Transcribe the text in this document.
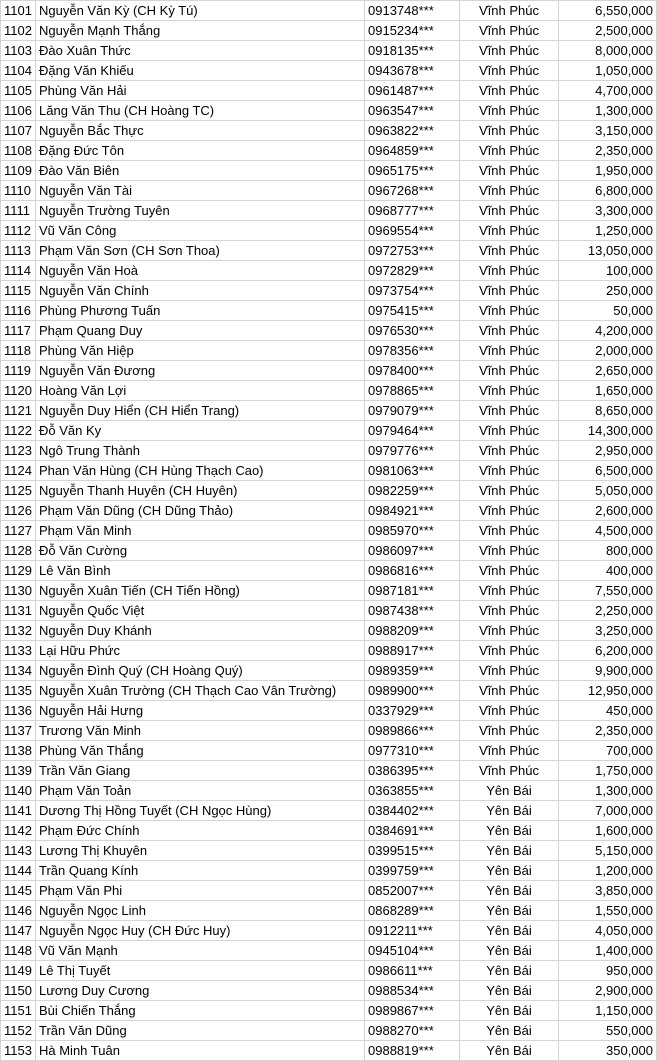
1101	Nguyễn Văn Kỳ (CH Kỳ Tú)	0913748***	Vĩnh Phúc	6,550,000
1102	Nguyễn Mạnh Thắng	0915234***	Vĩnh Phúc	2,500,000
1103	Đào Xuân Thức	0918135***	Vĩnh Phúc	8,000,000
1104	Đặng Văn Khiếu	0943678***	Vĩnh Phúc	1,050,000
1105	Phùng Văn Hải	0961487***	Vĩnh Phúc	4,700,000
1106	Lăng Văn Thu (CH Hoàng TC)	0963547***	Vĩnh Phúc	1,300,000
1107	Nguyễn Bắc Thực	0963822***	Vĩnh Phúc	3,150,000
1108	Đặng Đức Tôn	0964859***	Vĩnh Phúc	2,350,000
1109	Đào Văn Biên	0965175***	Vĩnh Phúc	1,950,000
1110	Nguyễn Văn Tài	0967268***	Vĩnh Phúc	6,800,000
1111	Nguyễn Trường Tuyên	0968777***	Vĩnh Phúc	3,300,000
1112	Vũ Văn Công	0969554***	Vĩnh Phúc	1,250,000
1113	Phạm Văn Sơn (CH Sơn Thoa)	0972753***	Vĩnh Phúc	13,050,000
1114	Nguyễn Văn Hoà	0972829***	Vĩnh Phúc	100,000
1115	Nguyễn Văn Chính	0973754***	Vĩnh Phúc	250,000
1116	Phùng Phương Tuấn	0975415***	Vĩnh Phúc	50,000
1117	Phạm Quang Duy	0976530***	Vĩnh Phúc	4,200,000
1118	Phùng Văn Hiệp	0978356***	Vĩnh Phúc	2,000,000
1119	Nguyễn Văn Đương	0978400***	Vĩnh Phúc	2,650,000
1120	Hoàng Văn Lợi	0978865***	Vĩnh Phúc	1,650,000
1121	Nguyễn Duy Hiển (CH Hiển Trang)	0979079***	Vĩnh Phúc	8,650,000
1122	Đỗ Văn Ky	0979464***	Vĩnh Phúc	14,300,000
1123	Ngô Trung Thành	0979776***	Vĩnh Phúc	2,950,000
1124	Phan Văn Hùng (CH Hùng Thạch Cao)	0981063***	Vĩnh Phúc	6,500,000
1125	Nguyễn Thanh Huyên (CH Huyên)	0982259***	Vĩnh Phúc	5,050,000
1126	Phạm Văn Dũng (CH Dũng Thảo)	0984921***	Vĩnh Phúc	2,600,000
1127	Phạm Văn Minh	0985970***	Vĩnh Phúc	4,500,000
1128	Đỗ Văn Cường	0986097***	Vĩnh Phúc	800,000
1129	Lê Văn Bình	0986816***	Vĩnh Phúc	400,000
1130	Nguyễn Xuân Tiến (CH Tiến Hồng)	0987181***	Vĩnh Phúc	7,550,000
1131	Nguyễn Quốc Việt	0987438***	Vĩnh Phúc	2,250,000
1132	Nguyễn Duy Khánh	0988209***	Vĩnh Phúc	3,250,000
1133	Lại Hữu Phức	0988917***	Vĩnh Phúc	6,200,000
1134	Nguyễn Đình Quý (CH Hoàng Quý)	0989359***	Vĩnh Phúc	9,900,000
1135	Nguyễn Xuân Trường (CH Thạch Cao Vân Trường)	0989900***	Vĩnh Phúc	12,950,000
1136	Nguyễn Hải Hưng	0337929***	Vĩnh Phúc	450,000
1137	Trương Văn Minh	0989866***	Vĩnh Phúc	2,350,000
1138	Phùng Văn Thắng	0977310***	Vĩnh Phúc	700,000
1139	Trần Văn Giang	0386395***	Vĩnh Phúc	1,750,000
1140	Phạm Văn Toản	0363855***	Yên Bái	1,300,000
1141	Dương Thị Hồng Tuyết (CH Ngọc Hùng)	0384402***	Yên Bái	7,000,000
1142	Phạm Đức Chính	0384691***	Yên Bái	1,600,000
1143	Lương Thị Khuyên	0399515***	Yên Bái	5,150,000
1144	Trần Quang Kính	0399759***	Yên Bái	1,200,000
1145	Phạm Văn Phi	0852007***	Yên Bái	3,850,000
1146	Nguyễn Ngọc Linh	0868289***	Yên Bái	1,550,000
1147	Nguyễn Ngọc Huy (CH Đức Huy)	0912211***	Yên Bái	4,050,000
1148	Vũ Văn Mạnh	0945104***	Yên Bái	1,400,000
1149	Lê Thị Tuyết	0986611***	Yên Bái	950,000
1150	Lương Duy Cương	0988534***	Yên Bái	2,900,000
1151	Bùi Chiến Thắng	0989867***	Yên Bái	1,150,000
1152	Trần Văn Dũng	0988270***	Yên Bái	550,000
1153	Hà Minh Tuân	0988819***	Yên Bái	350,000
